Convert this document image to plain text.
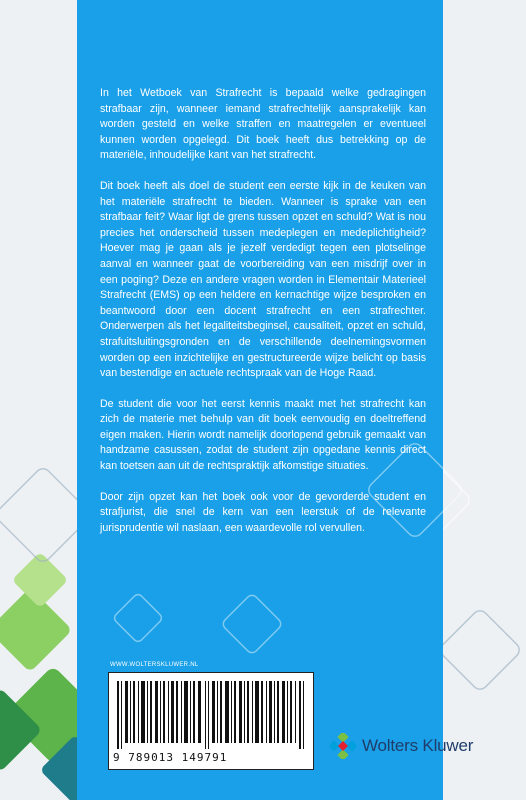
In het Wetboek van Strafrecht is bepaald welke gedragingen strafbaar zijn, wanneer iemand strafrechtelijk aansprakelijk kan worden gesteld en welke straffen en maatregelen er eventueel kunnen worden opgelegd. Dit boek heeft dus betrekking op de materiële, inhoudelijke kant van het strafrecht.

Dit boek heeft als doel de student een eerste kijk in de keuken van het materiële strafrecht te bieden. Wanneer is sprake van een strafbaar feit? Waar ligt de grens tussen opzet en schuld? Wat is nou precies het onderscheid tussen medeplegen en medeplichtigheid? Hoever mag je gaan als je jezelf verdedigt tegen een plotselinge aanval en wanneer gaat de voorbereiding van een misdrijf over in een poging? Deze en andere vragen worden in Elementair Materieel Strafrecht (EMS) op een heldere en kernachtige wijze besproken en beantwoord door een docent strafrecht en een strafrechter. Onderwerpen als het legaliteitsbeginsel, causaliteit, opzet en schuld, strafuitsluitingsgronden en de verschillende deelnemingsvormen worden op een inzichtelijke en gestructureerde wijze belicht op basis van bestendige en actuele rechtspraak van de Hoge Raad.

De student die voor het eerst kennis maakt met het strafrecht kan zich de materie met behulp van dit boek eenvoudig en doeltreffend eigen maken. Hierin wordt namelijk doorlopend gebruik gemaakt van handzame casussen, zodat de student zijn opgedane kennis direct kan toetsen aan uit de rechtspraktijk afkomstige situaties.

Door zijn opzet kan het boek ook voor de gevorderde student en strafjurist, die snel de kern van een leerstuk of de relevante jurisprudentie wil naslaan, een waardevolle rol vervullen.

WWW.WOLTERSKLUWER.NL
9 789013 149791
Wolters Kluwer
